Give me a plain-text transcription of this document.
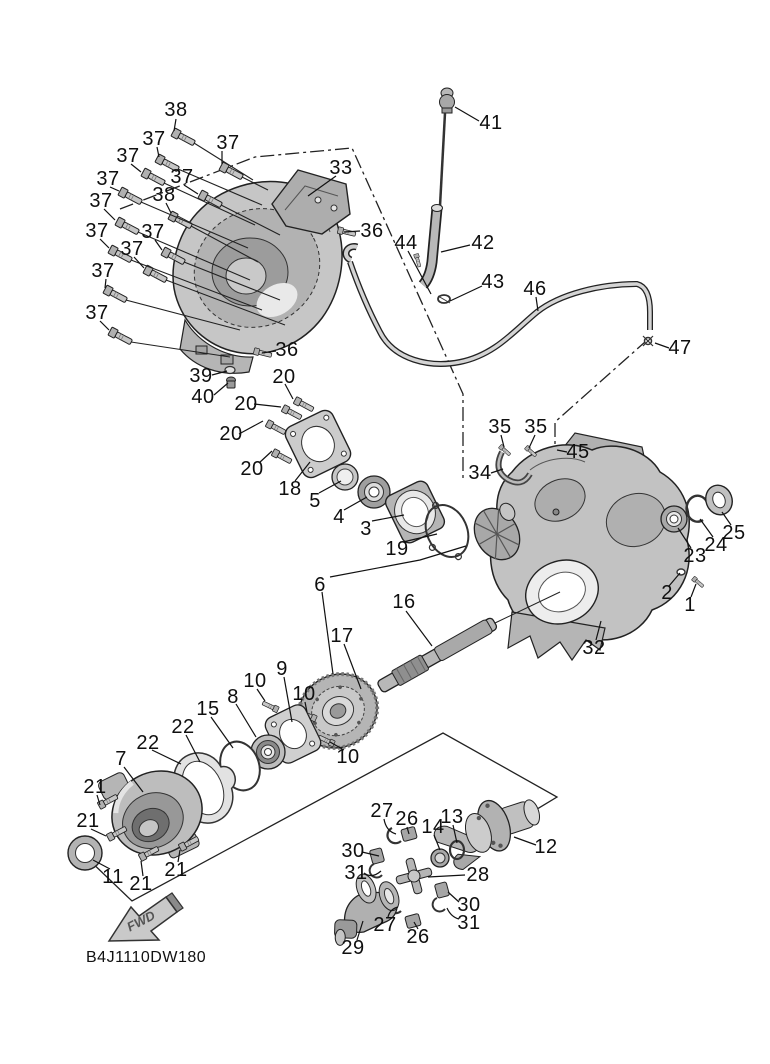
FWD
38
37	37
37
37	37
38
37
37 37
37
37
37
33
36
41
44	42
43 46
47
36
39
40
20
20
20
20
18
5
4
3
19
35 35
45
34
25
24
23
2
1
32
6
16
17
9
10
10
8
15
22
22
10
7
21
21
11 21
21
27 26 14
13
12
30
31	28
30
31
27
26
29
B4J1110DW180
